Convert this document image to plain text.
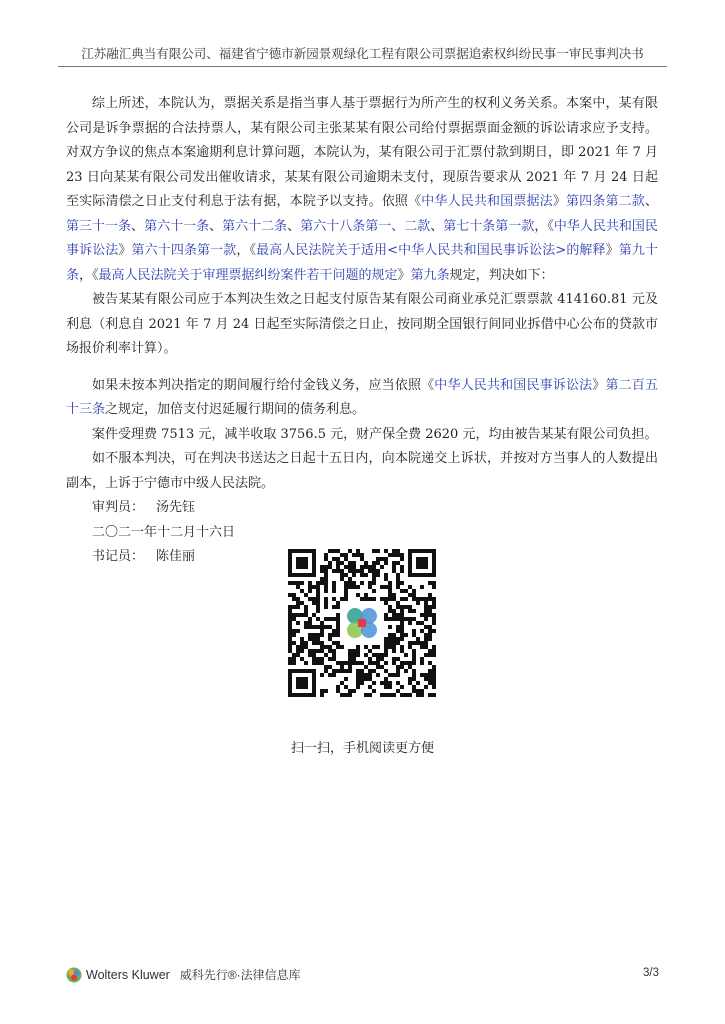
江苏融汇典当有限公司、福建省宁德市新园景观绿化工程有限公司票据追索权纠纷民事一审民事判决书

综上所述，本院认为，票据关系是指当事人基于票据行为所产生的权利义务关系。本案中，某有限公司是诉争票据的合法持票人，某有限公司主张某某有限公司给付票据票面金额的诉讼请求应予支持。对双方争议的焦点本案逾期利息计算问题，本院认为，某有限公司于汇票付款到期日，即 2021 年 7 月 23 日向某某有限公司发出催收请求，某某有限公司逾期未支付，现原告要求从 2021 年 7 月 24 日起至实际清偿之日止支付利息于法有据，本院予以支持。依照《中华人民共和国票据法》第四条第二款、第三十一条、第六十一条、第六十二条、第六十八条第一、二款、第七十条第一款，《中华人民共和国民事诉讼法》第六十四条第一款，《最高人民法院关于适用<中华人民共和国民事诉讼法>的解释》第九十条，《最高人民法院关于审理票据纠纷案件若干问题的规定》第九条规定，判决如下：

被告某某有限公司应于本判决生效之日起支付原告某有限公司商业承兑汇票票款 414160.81 元及利息（利息自 2021 年 7 月 24 日起至实际清偿之日止，按同期全国银行间同业拆借中心公布的贷款市场报价利率计算）。

如果未按本判决指定的期间履行给付金钱义务，应当依照《中华人民共和国民事诉讼法》第二百五十三条之规定，加倍支付迟延履行期间的债务利息。

案件受理费 7513 元，减半收取 3756.5 元，财产保全费 2620 元，均由被告某某有限公司负担。

如不服本判决，可在判决书送达之日起十五日内，向本院递交上诉状，并按对方当事人的人数提出副本，上诉于宁德市中级人民法院。

审判员： 汤先钰
二〇二一年十二月十六日
书记员： 陈佳丽
扫一扫，手机阅读更方便
Wolters Kluwer 威科先行®·法律信息库	3/3
